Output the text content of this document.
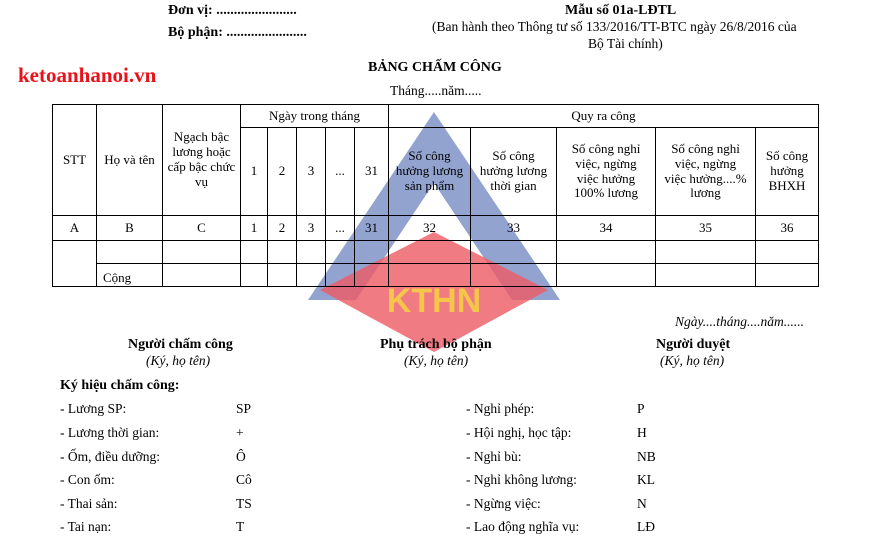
KTHN
Đơn vị: .......................
Bộ phận: .......................
Mẫu số 01a-LĐTL
(Ban hành theo Thông tư số 133/2016/TT-BTC ngày 26/8/2016 của
Bộ Tài chính)
ketoanhanoi.vn	BẢNG CHẤM CÔNG
Tháng.....năm.....
STT	Họ và tên	Ngạch bậc lương hoặc cấp bậc chức vụ	Ngày trong tháng					Quy ra công				
			1	2	3	...	31	Số công hưởng lương sản phẩm	Số công hưởng lương thời gian	Số công nghỉ việc, ngừng việc hưởng 100% lương	Số công nghỉ việc, ngừng việc hưởng....% lương	Số công hưởng BHXH
A	B	C	1	2	3	...	31	32	33	34	35	36

	Cộng											
Ngày....tháng....năm......
Người chấm công
(Ký, họ tên)
Phụ trách bộ phận
(Ký, họ tên)
Người duyệt
(Ký, họ tên)
Ký hiệu chấm công:
- Lương SP:	SP
- Lương thời gian:	+
- Ốm, điều dưỡng:	Ô
- Con ốm:	Cô
- Thai sản:	TS
- Tai nạn:	T
- Nghỉ phép:	P
- Hội nghị, học tập:	H
- Nghỉ bù:	NB
- Nghỉ không lương:	KL
- Ngừng việc:	N
- Lao động nghĩa vụ:	LĐ
